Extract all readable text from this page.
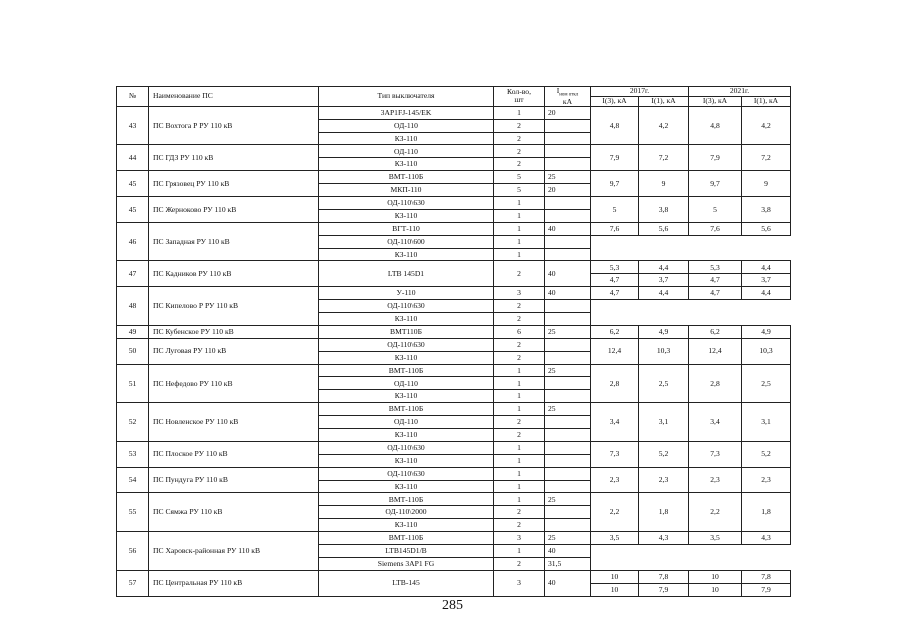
№	Наименование ПС	Тип выключателя	Кол-во,
шт	$I_{ном откл}$
кА	2017г.		2021г.	
					I(3), кА	I(1), кА	I(3), кА	I(1), кА
43	ПС Вохтога Р РУ 110 кВ	3AP1FJ-145/EK	1	20	4,8	4,2	4,8	4,2
		ОД-110	2					
		КЗ-110	2					
44	ПС ГДЗ РУ 110 кВ	ОД-110	2		7,9	7,2	7,9	7,2
		КЗ-110	2					
45	ПС Грязовец РУ 110 кВ	ВМТ-110Б	5	25	9,7	9	9,7	9
		МКП-110	5	20				
45	ПС Жерноково РУ 110 кВ	ОД-110\630	1		5	3,8	5	3,8
		КЗ-110	1					
46	ПС Западная РУ 110 кВ	ВГТ-110	1	40	7,6	5,6	7,6	5,6
		ОД-110\600	1					
		КЗ-110	1					
47	ПС Кадников РУ 110 кВ	LTB 145D1	2	40	5,3	4,4	5,3	4,4
					4,7	3,7	4,7	3,7
48	ПС Кипелово Р РУ 110 кВ	У-110	3	40	4,7	4,4	4,7	4,4
		ОД-110\630	2					
		КЗ-110	2					
49	ПС Кубенское РУ 110 кВ	ВМТ110Б	6	25	6,2	4,9	6,2	4,9
50	ПС Луговая РУ 110 кВ	ОД-110\630	2		12,4	10,3	12,4	10,3
		КЗ-110	2					
51	ПС Нефедово РУ 110 кВ	ВМТ-110Б	1	25	2,8	2,5	2,8	2,5
		ОД-110	1					
		КЗ-110	1					
52	ПС Новленское РУ 110 кВ	ВМТ-110Б	1	25	3,4	3,1	3,4	3,1
		ОД-110	2					
		КЗ-110	2					
53	ПС Плоское РУ 110 кВ	ОД-110\630	1		7,3	5,2	7,3	5,2
		КЗ-110	1					
54	ПС Пундуга РУ 110 кВ	ОД-110\630	1		2,3	2,3	2,3	2,3
		КЗ-110	1					
55	ПС Сямжа РУ 110 кВ	ВМТ-110Б	1	25	2,2	1,8	2,2	1,8
		ОД-110\2000	2					
		КЗ-110	2					
56	ПС Харовск-районная РУ 110 кВ	ВМТ-110Б	3	25	3,5	4,3	3,5	4,3
		LTB145D1/B	1	40				
		Siemens 3AP1 FG	2	31,5				
57	ПС Центральная РУ 110 кВ	LTB-145	3	40	10	7,8	10	7,8
					10	7,9	10	7,9
285
